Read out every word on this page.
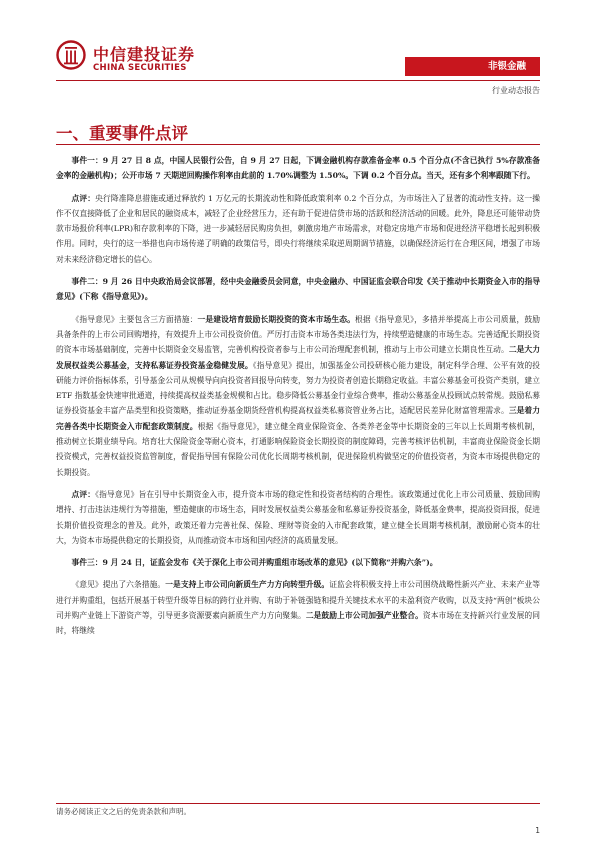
中信建投证券
CHINA SECURITIES	非银金融
行业动态报告
一、重要事件点评

事件一：9 月 27 日 8 点，中国人民银行公告，自 9 月 27 日起，下调金融机构存款准备金率 0.5 个百分点(不含已执行 5%存款准备金率的金融机构)；公开市场 7 天期逆回购操作利率由此前的 1.70%调整为 1.50%。下调 0.2 个百分点。当天，还有多个利率跟随下行。

点评：央行降准降息措施或通过释放约 1 万亿元的长期流动性和降低政策利率 0.2 个百分点，为市场注入了显著的流动性支持。这一操作不仅直接降低了企业和居民的融资成本，减轻了企业经营压力，还有助于促进信贷市场的活跃和经济活动的回暖。此外，降息还可能带动贷款市场报价利率(LPR)和存款利率的下降，进一步减轻居民购房负担，刺激房地产市场需求，对稳定房地产市场和促进经济平稳增长起到积极作用。同时，央行的这一举措也向市场传递了明确的政策信号，即央行将继续采取逆周期调节措施，以确保经济运行在合理区间，增强了市场对未来经济稳定增长的信心。

事件二：9 月 26 日中央政治局会议部署，经中央金融委员会同意，中央金融办、中国证监会联合印发《关于推动中长期资金入市的指导意见》(下称《指导意见》)。

《指导意见》主要包含三方面措施：一是建设培育鼓励长期投资的资本市场生态。根据《指导意见》，多措并举提高上市公司质量，鼓励具备条件的上市公司回购增持，有效提升上市公司投资价值。严厉打击资本市场各类违法行为，持续塑造健康的市场生态。完善适配长期投资的资本市场基础制度，完善中长期资金交易监管，完善机构投资者参与上市公司治理配套机制，推动与上市公司建立长期良性互动。二是大力发展权益类公募基金，支持私募证券投资基金稳健发展。《指导意见》提出，加强基金公司投研核心能力建设，制定科学合理、公平有效的投研能力评价指标体系，引导基金公司从规模导向向投资者回报导向转变，努力为投资者创造长期稳定收益。丰富公募基金可投资产类别，建立 ETF 指数基金快速审批通道，持续提高权益类基金规模和占比。稳步降低公募基金行业综合费率，推动公募基金从投顾试点转常规。鼓励私募证券投资基金丰富产品类型和投资策略，推动证券基金期货经营机构提高权益类私募资管业务占比，适配居民差异化财富管理需求。三是着力完善各类中长期资金入市配套政策制度。根据《指导意见》，建立健全商业保险资金、各类养老金等中长期资金的三年以上长周期考核机制，推动树立长期业绩导向。培育壮大保险资金等耐心资本，打通影响保险资金长期投资的制度障碍，完善考核评估机制，丰富商业保险资金长期投资模式，完善权益投资监管制度，督促指导国有保险公司优化长周期考核机制，促进保险机构做坚定的价值投资者，为资本市场提供稳定的长期投资。

点评：《指导意见》旨在引导中长期资金入市，提升资本市场的稳定性和投资者结构的合理性。该政策通过优化上市公司质量、鼓励回购增持、打击违法违规行为等措施，塑造健康的市场生态，同时发展权益类公募基金和私募证券投资基金，降低基金费率，提高投资回报，促进长期价值投资理念的普及。此外，政策还着力完善社保、保险、理财等资金的入市配套政策，建立健全长周期考核机制，激励耐心资本的壮大，为资本市场提供稳定的长期投资，从而推动资本市场和国内经济的高质量发展。

事件三：9 月 24 日，证监会发布《关于深化上市公司并购重组市场改革的意见》(以下简称“并购六条”)。

《意见》提出了六条措施。一是支持上市公司向新质生产力方向转型升级。证监会将积极支持上市公司围绕战略性新兴产业、未来产业等进行并购重组，包括开展基于转型升级等目标的跨行业并购、有助于补链强链和提升关键技术水平的未盈利资产收购，以及支持“两创”板块公司并购产业链上下游资产等，引导更多资源要素向新质生产力方向聚集。二是鼓励上市公司加强产业整合。资本市场在支持新兴行业发展的同时，将继续

请务必阅读正文之后的免责条款和声明。
1
